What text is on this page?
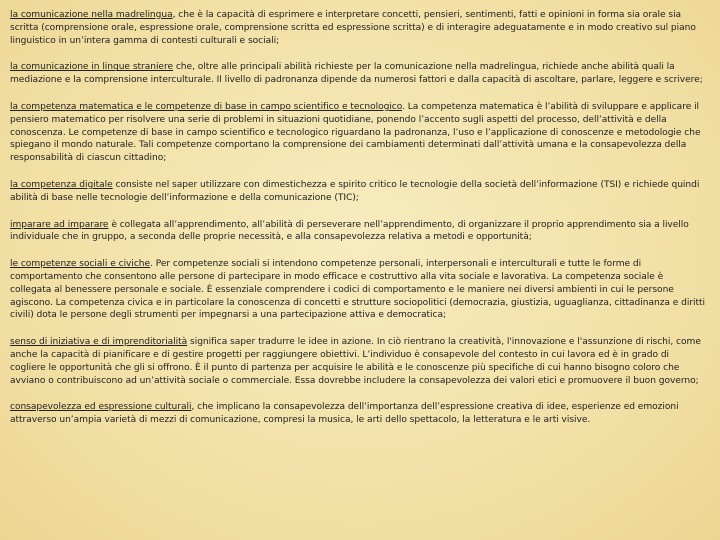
la comunicazione nella madrelingua, che è la capacità di esprimere e interpretare concetti, pensieri, sentimenti, fatti e opinioni in forma sia orale sia scritta (comprensione orale, espressione orale, comprensione scritta ed espressione scritta) e di interagire adeguatamente e in modo creativo sul piano linguistico in un’intera gamma di contesti culturali e sociali;

la comunicazione in lingue straniere che, oltre alle principali abilità richieste per la comunicazione nella madrelingua, richiede anche abilità quali la mediazione e la comprensione interculturale. Il livello di padronanza dipende da numerosi fattori e dalla capacità di ascoltare, parlare, leggere e scrivere;

la competenza matematica e le competenze di base in campo scientifico e tecnologico. La competenza matematica è l’abilità di sviluppare e applicare il pensiero matematico per risolvere una serie di problemi in situazioni quotidiane, ponendo l’accento sugli aspetti del processo, dell’attività e della conoscenza. Le competenze di base in campo scientifico e tecnologico riguardano la padronanza, l’uso e l’applicazione di conoscenze e metodologie che spiegano il mondo naturale. Tali competenze comportano la comprensione dei cambiamenti determinati dall’attività umana e la consapevolezza della responsabilità di ciascun cittadino;

la competenza digitale consiste nel saper utilizzare con dimestichezza e spirito critico le tecnologie della società dell’informazione (TSI) e richiede quindi abilità di base nelle tecnologie dell’informazione e della comunicazione (TIC);

imparare ad imparare è collegata all’apprendimento, all’abilità di perseverare nell’apprendimento, di organizzare il proprio apprendimento sia a livello individuale che in gruppo, a seconda delle proprie necessità, e alla consapevolezza relativa a metodi e opportunità;

le competenze sociali e civiche. Per competenze sociali si intendono competenze personali, interpersonali e interculturali e tutte le forme di comportamento che consentono alle persone di partecipare in modo efficace e costruttivo alla vita sociale e lavorativa. La competenza sociale è collegata al benessere personale e sociale. È essenziale comprendere i codici di comportamento e le maniere nei diversi ambienti in cui le persone agiscono. La competenza civica e in particolare la conoscenza di concetti e strutture sociopolitici (democrazia, giustizia, uguaglianza, cittadinanza e diritti civili) dota le persone degli strumenti per impegnarsi a una partecipazione attiva e democratica;

senso di iniziativa e di imprenditorialità significa saper tradurre le idee in azione. In ciò rientrano la creatività, l'innovazione e l'assunzione di rischi, come anche la capacità di pianificare e di gestire progetti per raggiungere obiettivi. L’individuo è consapevole del contesto in cui lavora ed è in grado di cogliere le opportunità che gli si offrono. È il punto di partenza per acquisire le abilità e le conoscenze più specifiche di cui hanno bisogno coloro che avviano o contribuiscono ad un’attività sociale o commerciale. Essa dovrebbe includere la consapevolezza dei valori etici e promuovere il buon governo;

consapevolezza ed espressione culturali, che implicano la consapevolezza dell’importanza dell’espressione creativa di idee, esperienze ed emozioni attraverso un’ampia varietà di mezzi di comunicazione, compresi la musica, le arti dello spettacolo, la letteratura e le arti visive.
